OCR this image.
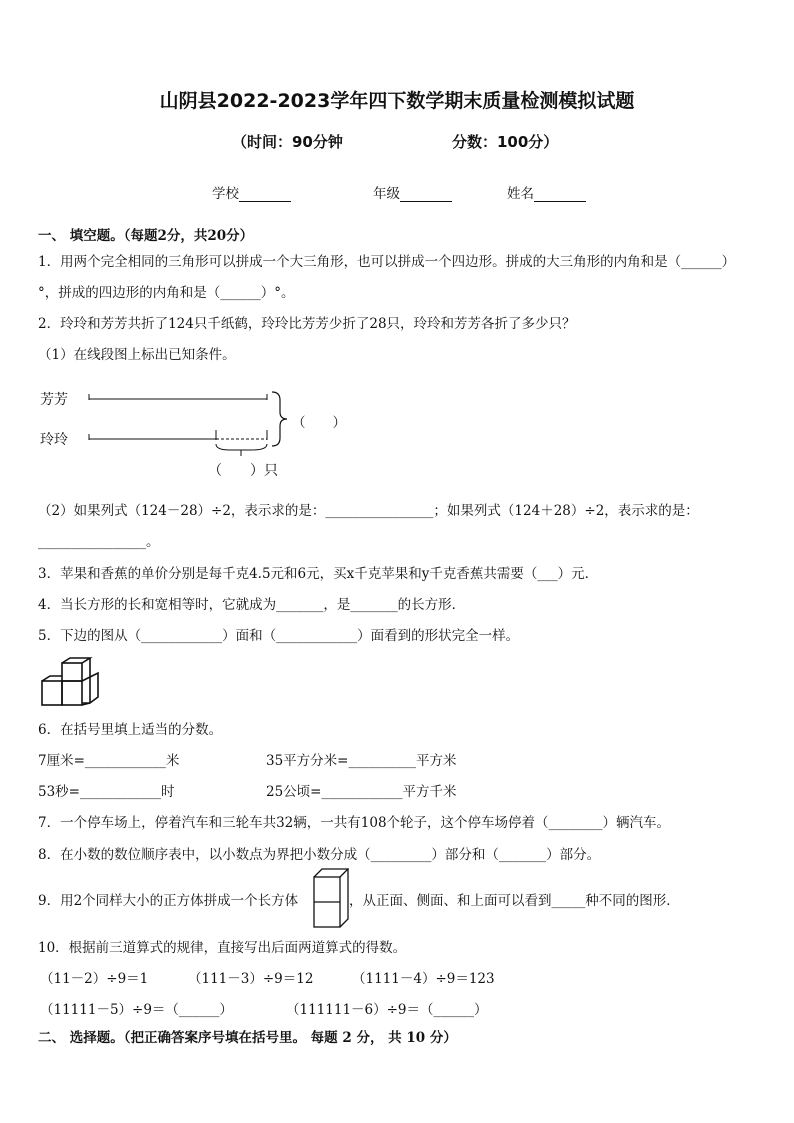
山阴县2022-2023学年四下数学期末质量检测模拟试题
（时间：90分钟	分数：100分）
学校	年级	姓名
一、 填空题。（每题2分，共20分）
1．用两个完全相同的三角形可以拼成一个大三角形，也可以拼成一个四边形。拼成的大三角形的内角和是（______）
°，拼成的四边形的内角和是（______）°。
2．玲玲和芳芳共折了124只千纸鹤，玲玲比芳芳少折了28只，玲玲和芳芳各折了多少只？
（1）在线段图上标出已知条件。
芳芳
玲玲
（　　）
（　　）只
（2）如果列式（124－28）÷2，表示求的是：________________；如果列式（124＋28）÷2，表示求的是：
________________。
3．苹果和香蕉的单价分别是每千克4.5元和6元，买x千克苹果和y千克香蕉共需要（___）元．
4．当长方形的长和宽相等时，它就成为_______，是_______的长方形．
5．下边的图从（____________）面和（____________）面看到的形状完全一样。
6．在括号里填上适当的分数。
7厘米=____________米	35平方分米=__________平方米
53秒=____________时	25公顷=____________平方千米
7．一个停车场上，停着汽车和三轮车共32辆，一共有108个轮子，这个停车场停着（________）辆汽车。
8．在小数的数位顺序表中，以小数点为界把小数分成（_________）部分和（_______）部分。
9．用2个同样大小的正方体拼成一个长方体	，从正面、侧面、和上面可以看到_____种不同的图形．
10．根据前三道算式的规律，直接写出后面两道算式的得数。
（11－2）÷9＝1	（111－3）÷9＝12	（1111－4）÷9＝123
（11111－5）÷9＝（______）	（111111－6）÷9＝（______）
二、 选择题。（把正确答案序号填在括号里。 每题 2 分， 共 10 分）
